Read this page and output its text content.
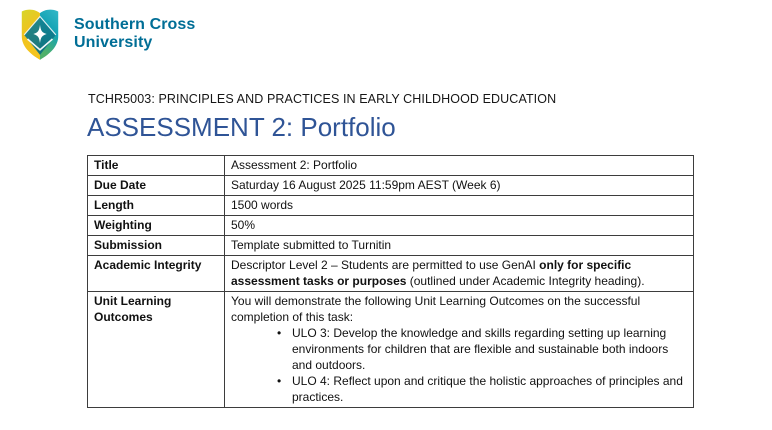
Southern Cross
University

TCHR5003: PRINCIPLES AND PRACTICES IN EARLY CHILDHOOD EDUCATION

ASSESSMENT 2: Portfolio
Title	Assessment 2: Portfolio
Due Date	Saturday 16 August 2025 11:59pm AEST (Week 6)
Length	1500 words
Weighting	50%
Submission	Template submitted to Turnitin
Academic Integrity	Descriptor Level 2 – Students are permitted to use GenAI only for specific assessment tasks or purposes (outlined under Academic Integrity heading).
Unit Learning Outcomes	You will demonstrate the following Unit Learning Outcomes on the successful completion of this task:
• ULO 3: Develop the knowledge and skills regarding setting up learning environments for children that are flexible and sustainable both indoors and outdoors.
• ULO 4: Reflect upon and critique the holistic approaches of principles and practices.
